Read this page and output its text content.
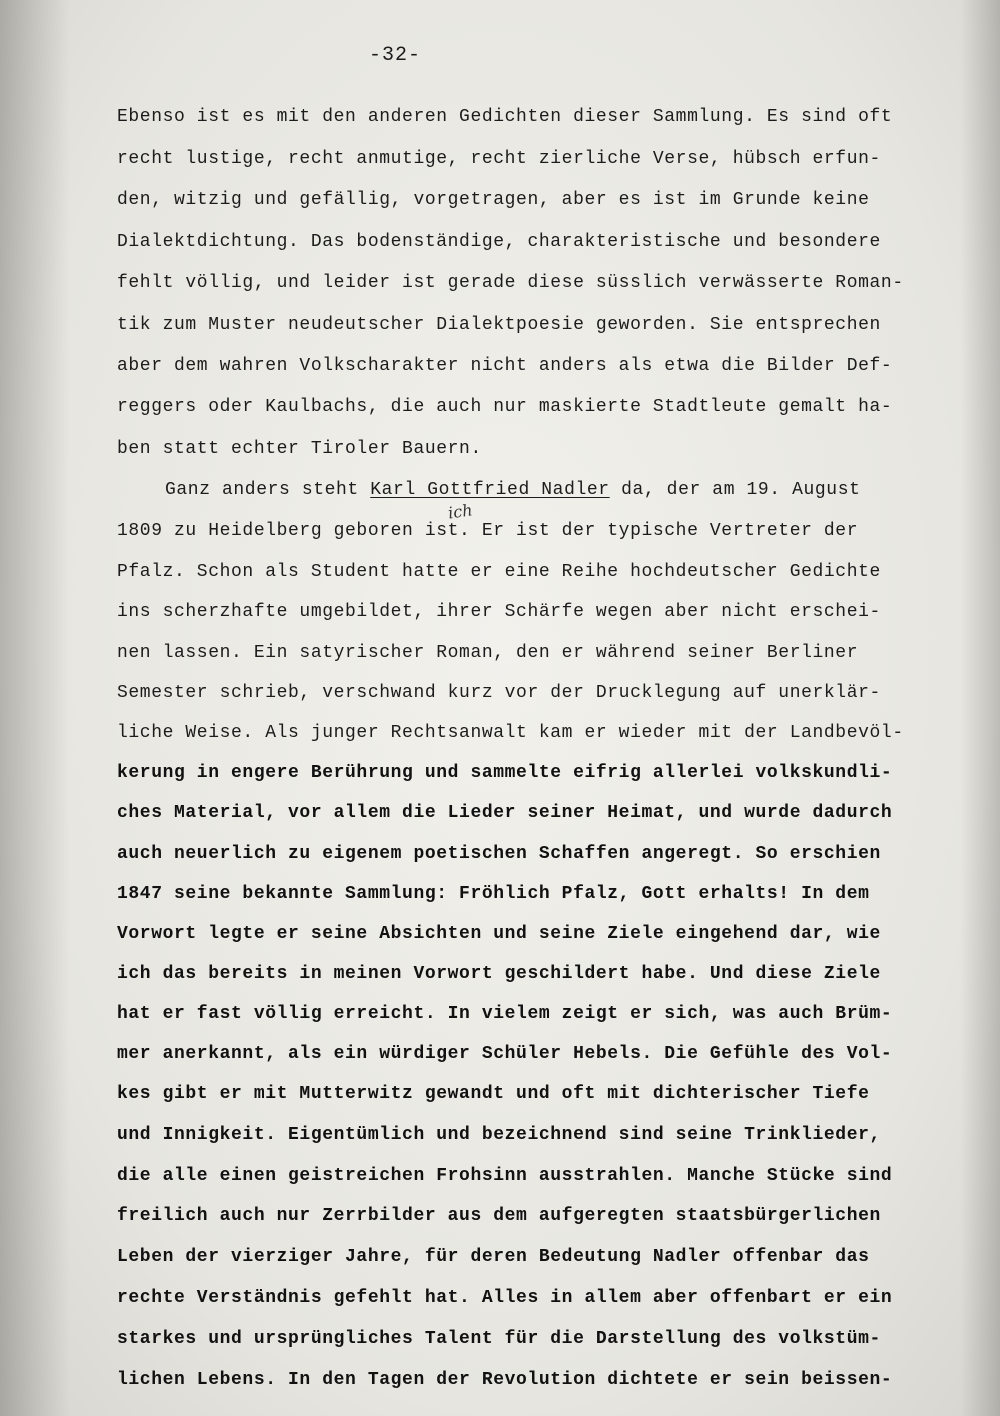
-32-
Ebenso ist es mit den anderen Gedichten dieser Sammlung. Es sind oft
recht lustige, recht anmutige, recht zierliche Verse, hübsch erfun-
den, witzig und gefällig, vorgetragen, aber es ist im Grunde keine
Dialektdichtung. Das bodenständige, charakteristische und besondere
fehlt völlig, und leider ist gerade diese süsslich verwässerte Roman-
tik zum Muster neudeutscher Dialektpoesie geworden. Sie entsprechen
aber dem wahren Volkscharakter nicht anders als etwa die Bilder Def-
reggers oder Kaulbachs, die auch nur maskierte Stadtleute gemalt ha-
ben statt echter Tiroler Bauern.
Ganz anders steht Karl Gottfried Nadler da, der am 19. August
ich
1809 zu Heidelberg geboren ist. Er ist der typische Vertreter der
Pfalz. Schon als Student hatte er eine Reihe hochdeutscher Gedichte
ins scherzhafte umgebildet, ihrer Schärfe wegen aber nicht erschei-
nen lassen. Ein satyrischer Roman, den er während seiner Berliner
Semester schrieb, verschwand kurz vor der Drucklegung auf unerklär-
liche Weise. Als junger Rechtsanwalt kam er wieder mit der Landbevöl-
kerung in engere Berührung und sammelte eifrig allerlei volkskundli-
ches Material, vor allem die Lieder seiner Heimat, und wurde dadurch
auch neuerlich zu eigenem poetischen Schaffen angeregt. So erschien
1847 seine bekannte Sammlung: Fröhlich Pfalz, Gott erhalts! In dem
Vorwort legte er seine Absichten und seine Ziele eingehend dar, wie
ich das bereits in meinen Vorwort geschildert habe. Und diese Ziele
hat er fast völlig erreicht. In vielem zeigt er sich, was auch Brüm-
mer anerkannt, als ein würdiger Schüler Hebels. Die Gefühle des Vol-
kes gibt er mit Mutterwitz gewandt und oft mit dichterischer Tiefe
und Innigkeit. Eigentümlich und bezeichnend sind seine Trinklieder,
die alle einen geistreichen Frohsinn ausstrahlen. Manche Stücke sind
freilich auch nur Zerrbilder aus dem aufgeregten staatsbürgerlichen
Leben der vierziger Jahre, für deren Bedeutung Nadler offenbar das
rechte Verständnis gefehlt hat. Alles in allem aber offenbart er ein
starkes und ursprüngliches Talent für die Darstellung des volkstüm-
lichen Lebens. In den Tagen der Revolution dichtete er sein beissen-
